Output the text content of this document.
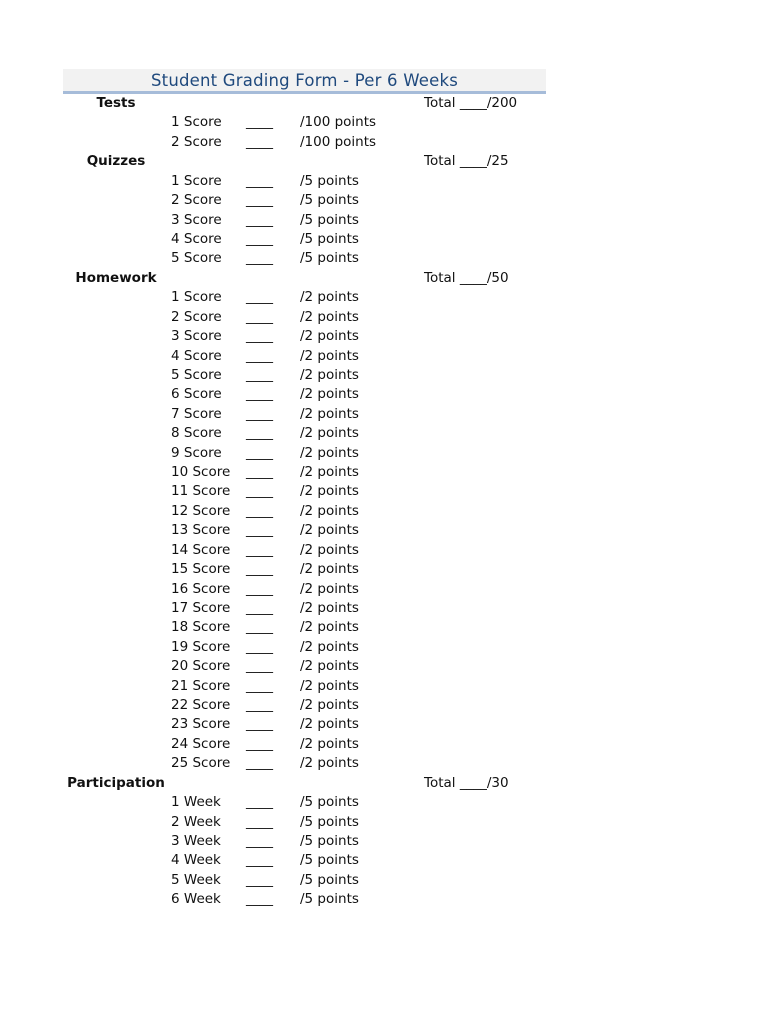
Student Grading Form - Per 6 Weeks
Tests	Total ____/200
1 Score ____ /100 points
2 Score ____ /100 points
Quizzes	Total ____/25
1 Score ____ /5 points
2 Score ____ /5 points
3 Score ____ /5 points
4 Score ____ /5 points
5 Score ____ /5 points
Homework	Total ____/50
1 Score ____ /2 points
2 Score ____ /2 points
3 Score ____ /2 points
4 Score ____ /2 points
5 Score ____ /2 points
6 Score ____ /2 points
7 Score ____ /2 points
8 Score ____ /2 points
9 Score ____ /2 points
10 Score ____ /2 points
11 Score ____ /2 points
12 Score ____ /2 points
13 Score ____ /2 points
14 Score ____ /2 points
15 Score ____ /2 points
16 Score ____ /2 points
17 Score ____ /2 points
18 Score ____ /2 points
19 Score ____ /2 points
20 Score ____ /2 points
21 Score ____ /2 points
22 Score ____ /2 points
23 Score ____ /2 points
24 Score ____ /2 points
25 Score ____ /2 points
Participation	Total ____/30
1 Week ____ /5 points
2 Week ____ /5 points
3 Week ____ /5 points
4 Week ____ /5 points
5 Week ____ /5 points
6 Week ____ /5 points
